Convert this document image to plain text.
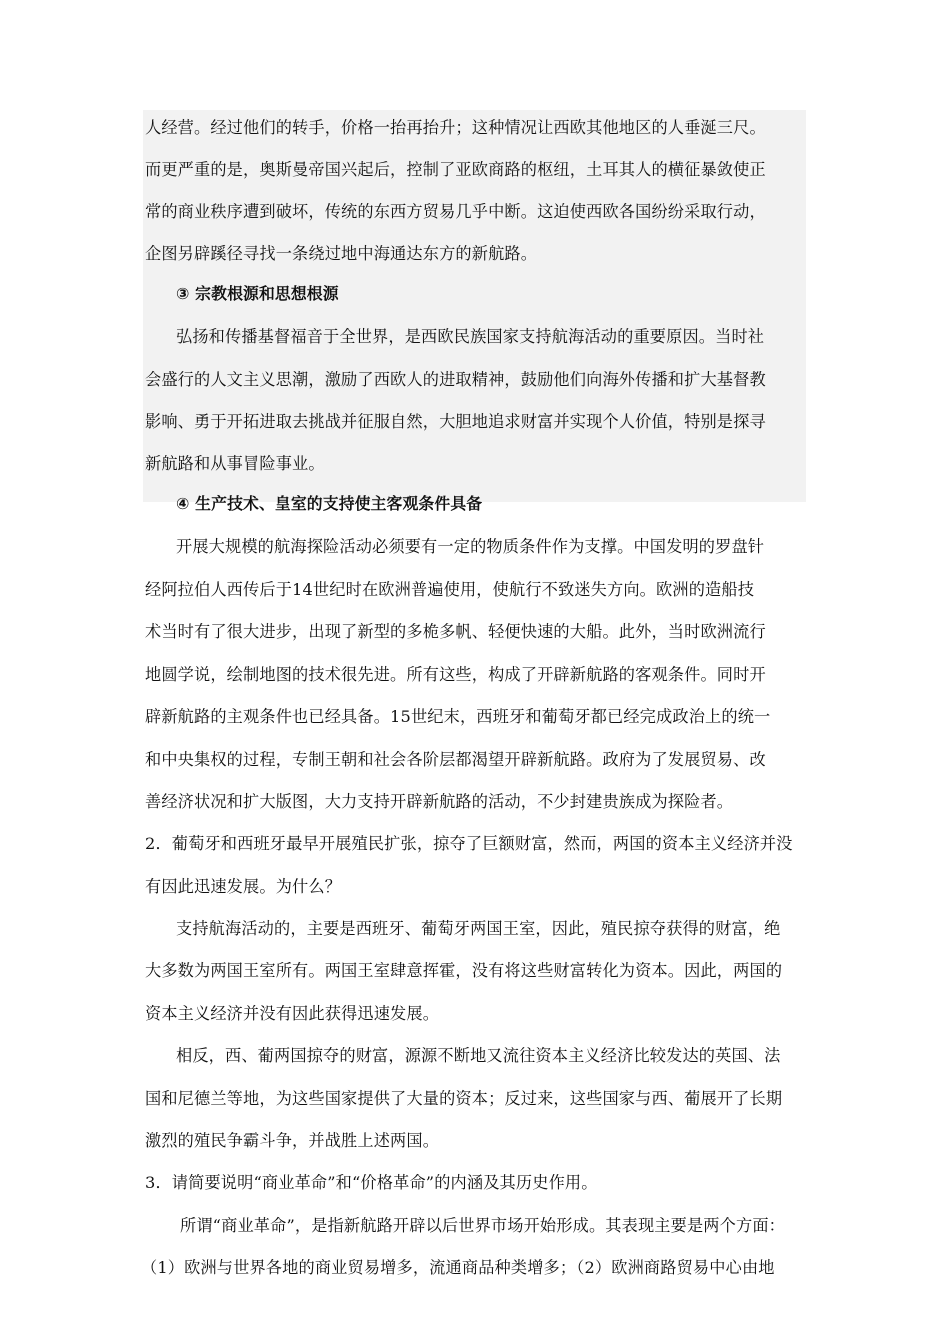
人经营。经过他们的转手，价格一抬再抬升；这种情况让西欧其他地区的人垂涎三尺。
而更严重的是，奥斯曼帝国兴起后，控制了亚欧商路的枢纽，土耳其人的横征暴敛使正
常的商业秩序遭到破坏，传统的东西方贸易几乎中断。这迫使西欧各国纷纷采取行动，
企图另辟蹊径寻找一条绕过地中海通达东方的新航路。
③ 宗教根源和思想根源
弘扬和传播基督福音于全世界，是西欧民族国家支持航海活动的重要原因。当时社
会盛行的人文主义思潮，激励了西欧人的进取精神，鼓励他们向海外传播和扩大基督教
影响、勇于开拓进取去挑战并征服自然，大胆地追求财富并实现个人价值，特别是探寻
新航路和从事冒险事业。
④ 生产技术、皇室的支持使主客观条件具备
开展大规模的航海探险活动必须要有一定的物质条件作为支撑。中国发明的罗盘针
经阿拉伯人西传后于14世纪时在欧洲普遍使用，使航行不致迷失方向。欧洲的造船技
术当时有了很大进步，出现了新型的多桅多帆、轻便快速的大船。此外，当时欧洲流行
地圆学说，绘制地图的技术很先进。所有这些，构成了开辟新航路的客观条件。同时开
辟新航路的主观条件也已经具备。15世纪末，西班牙和葡萄牙都已经完成政治上的统一
和中央集权的过程，专制王朝和社会各阶层都渴望开辟新航路。政府为了发展贸易、改
善经济状况和扩大版图，大力支持开辟新航路的活动，不少封建贵族成为探险者。
2．葡萄牙和西班牙最早开展殖民扩张，掠夺了巨额财富，然而，两国的资本主义经济并没
有因此迅速发展。为什么？
支持航海活动的，主要是西班牙、葡萄牙两国王室，因此，殖民掠夺获得的财富，绝
大多数为两国王室所有。两国王室肆意挥霍，没有将这些财富转化为资本。因此，两国的
资本主义经济并没有因此获得迅速发展。
相反，西、葡两国掠夺的财富，源源不断地又流往资本主义经济比较发达的英国、法
国和尼德兰等地，为这些国家提供了大量的资本；反过来，这些国家与西、葡展开了长期
激烈的殖民争霸斗争，并战胜上述两国。
3．请简要说明“商业革命”和“价格革命”的内涵及其历史作用。
所谓“商业革命”，是指新航路开辟以后世界市场开始形成。其表现主要是两个方面：
（1）欧洲与世界各地的商业贸易增多，流通商品种类增多；（2）欧洲商路贸易中心由地
